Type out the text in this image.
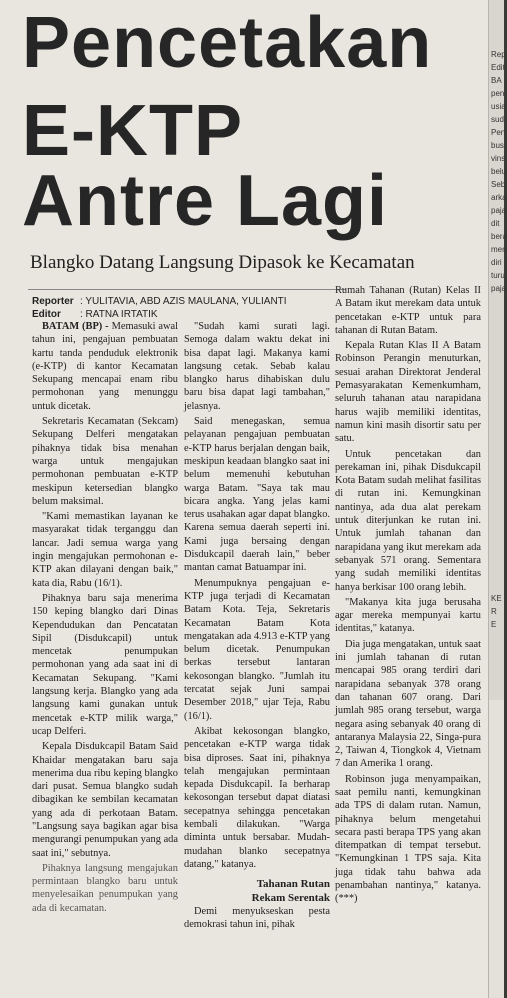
Pencetakan
E-KTP
Antre Lagi
Blangko Datang Langsung Dipasok ke Kecamatan
Reporter : YULITAVIA, ABD AZIS MAULANA, YULIANTI
Editor : RATNA IRTATIK

BATAM (BP) - Memasuki awal tahun ini, pengajuan pembuatan kartu tanda penduduk elektronik (e-KTP) di kantor Kecamatan Sekupang mencapai enam ribu permohonan yang menunggu untuk dicetak.

Sekretaris Kecamatan (Sekcam) Sekupang Delferi mengatakan pihaknya tidak bisa menahan warga untuk mengajukan permohonan pembuatan e-KTP meskipun ketersedian blangko belum maksimal.

"Kami memastikan layanan ke masyarakat tidak terganggu dan lancar. Jadi semua warga yang ingin mengajukan permohonan e-KTP akan dilayani dengan baik," kata dia, Rabu (16/1).

Pihaknya baru saja menerima 150 keping blangko dari Dinas Kependudukan dan Pencatatan Sipil (Disdukcapil) untuk mencetak penumpukan permohonan yang ada saat ini di Kecamatan Sekupang. "Kami langsung kerja. Blangko yang ada langsung kami gunakan untuk mencetak e-KTP milik warga," ucap Delferi.

Kepala Disdukcapil Batam Said Khaidar mengatakan baru saja menerima dua ribu keping blangko dari pusat. Semua blangko sudah dibagikan ke sembilan kecamatan yang ada di perkotaan Batam. "Langsung saya bagikan agar bisa mengurangi penumpukan yang ada saat ini," sebutnya.

Pihaknya langsung mengajukan permintaan blangko baru untuk menyelesaikan penumpukan yang ada di kecamatan.

"Sudah kami surati lagi. Semoga dalam waktu dekat ini bisa dapat lagi. Makanya kami langsung cetak. Sebab kalau blangko harus dihabiskan dulu baru bisa dapat lagi tambahan," jelasnya.

Said menegaskan, semua pelayanan pengajuan pembuatan e-KTP harus berjalan dengan baik, meskipun keadaan blangko saat ini belum memenuhi kebutuhan warga Batam. "Saya tak mau bicara angka. Yang jelas kami terus usahakan agar dapat blangko. Karena semua daerah seperti ini. Kami juga bersaing dengan Disdukcapil daerah lain," beber mantan camat Batuampar ini.

Menumpuknya pengajuan e-KTP juga terjadi di Kecamatan Batam Kota. Teja, Sekretaris Kecamatan Batam Kota mengatakan ada 4.913 e-KTP yang belum dicetak. Penumpukan berkas tersebut lantaran kekosongan blangko. "Jumlah itu tercatat sejak Juni sampai Desember 2018," ujar Teja, Rabu (16/1).

Akibat kekosongan blangko, pencetakan e-KTP warga tidak bisa diproses. Saat ini, pihaknya telah mengajukan permintaan kepada Disdukcapil. Ia berharap kekosongan tersebut dapat diatasi secepatnya sehingga pencetakan kembali dilakukan. "Warga diminta untuk bersabar. Mudah-mudahan blanko secepatnya datang," katanya.

Tahanan Rutan
Rekam Serentak

Demi menyukseskan pesta demokrasi tahun ini, pihak

Rumah Tahanan (Rutan) Kelas II A Batam ikut merekam data untuk pencetakan e-KTP untuk para tahanan di Rutan Batam.

Kepala Rutan Klas II A Batam Robinson Perangin menuturkan, sesuai arahan Direktorat Jenderal Pemasyarakatan Kemenkumham, seluruh tahanan atau narapidana harus wajib memiliki identitas, namun kini masih disortir satu per satu.

Untuk pencetakan dan perekaman ini, pihak Disdukcapil Kota Batam sudah melihat fasilitas di rutan ini. Kemungkinan nantinya, ada dua alat perekam untuk diterjunkan ke rutan ini. Untuk jumlah tahanan dan narapidana yang ikut merekam ada sebanyak 571 orang. Sementara yang sudah memiliki identitas hanya berkisar 100 orang lebih.

"Makanya kita juga berusaha agar mereka mempunyai kartu identitas," katanya.

Dia juga mengatakan, untuk saat ini jumlah tahanan di rutan mencapai 985 orang terdiri dari narapidana sebanyak 378 orang dan tahanan 607 orang. Dari jumlah 985 orang tersebut, warga negara asing sebanyak 40 orang di antaranya Malaysia 22, Singa-pura 2, Taiwan 4, Tiongkok 4, Vietnam 7 dan Amerika 1 orang.

Robinson juga menyampaikan, saat pemilu nanti, kemungkinan ada TPS di dalam rutan. Namun, pihaknya belum mengetahui secara pasti berapa TPS yang akan ditempatkan di tempat tersebut. "Kemungkinan 1 TPS saja. Kita juga tidak tahu bahwa ada penambahan nantinya," katanya.(***)

Rep
Edit
BA
pen
usia
sud
Pen
bus
vins
belu
Seb
arka
paja
dit
bera
men
diri
turu
paja
KE
R
E
